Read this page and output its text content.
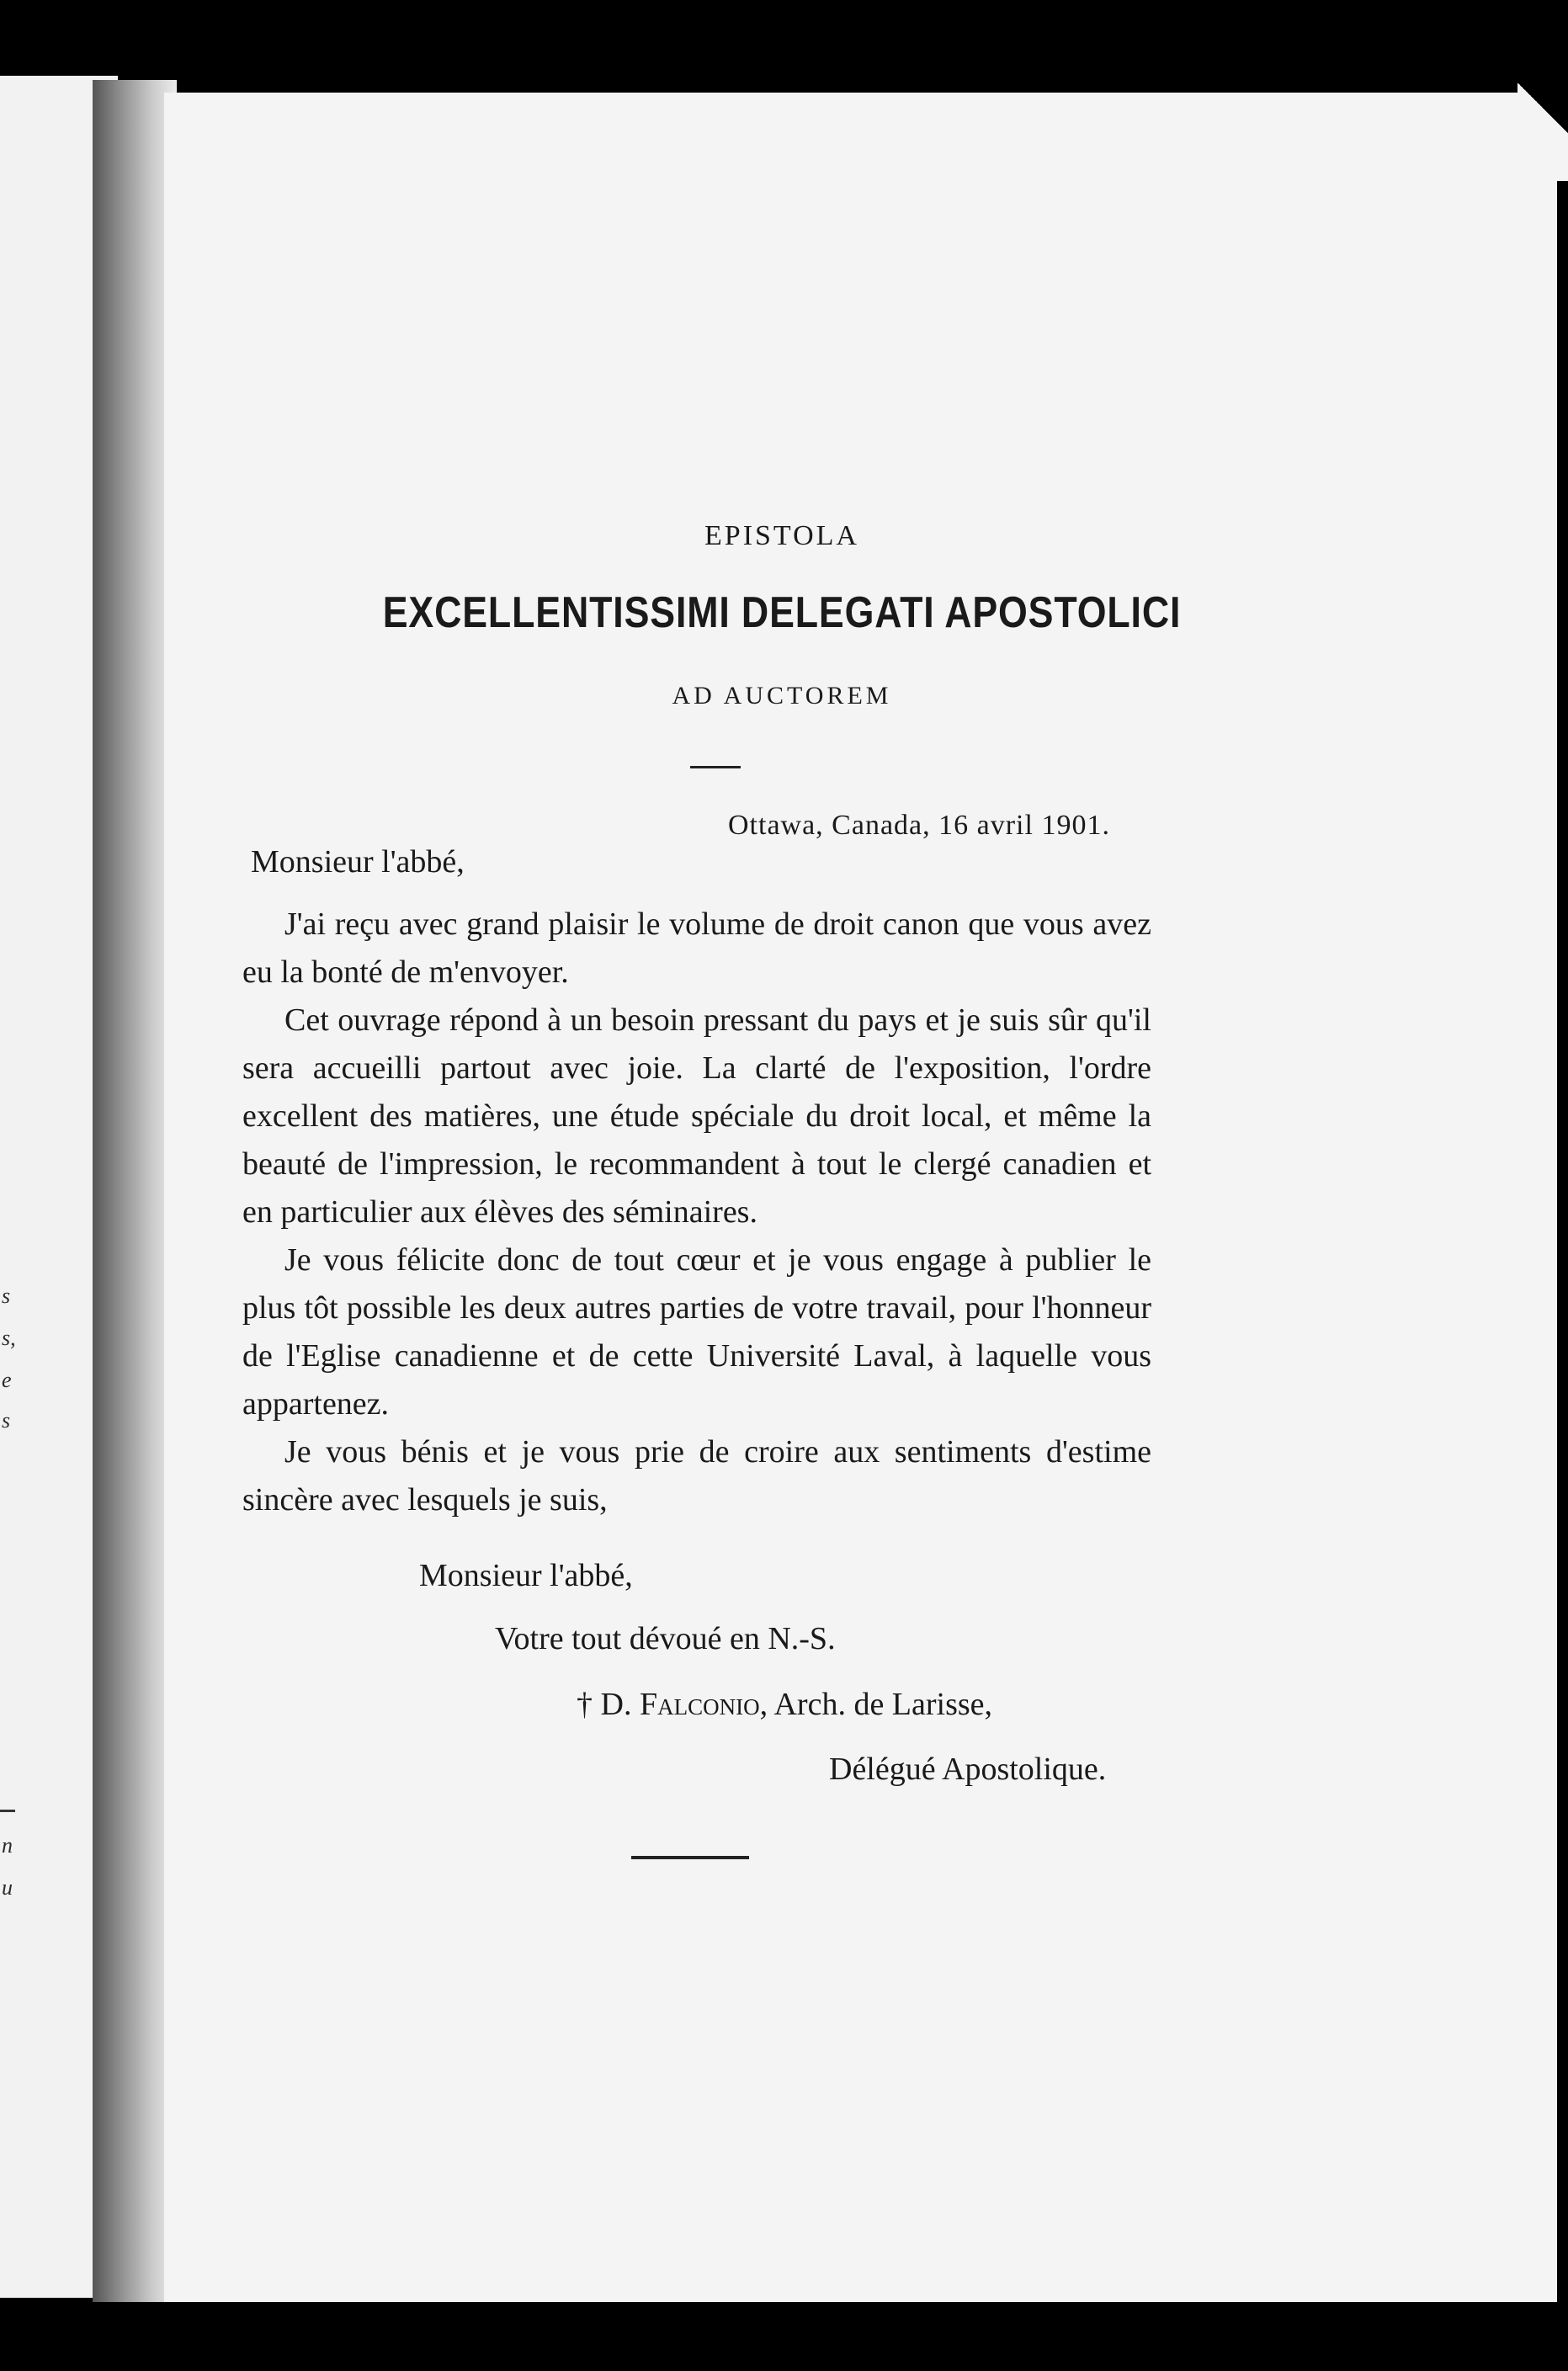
s
s,
e
s
n
u
EPISTOLA
EXCELLENTISSIMI DELEGATI APOSTOLICI
AD AUCTOREM
Ottawa, Canada, 16 avril 1901.
Monsieur l'abbé,

J'ai reçu avec grand plaisir le volume de droit canon que vous avez eu la bonté de m'envoyer.

Cet ouvrage répond à un besoin pressant du pays et je suis sûr qu'il sera accueilli partout avec joie. La clarté de l'exposition, l'ordre excellent des matières, une étude spéciale du droit local, et même la beauté de l'impression, le recommandent à tout le clergé canadien et en particulier aux élèves des séminaires.

Je vous félicite donc de tout cœur et je vous engage à publier le plus tôt possible les deux autres parties de votre travail, pour l'honneur de l'Eglise canadienne et de cette Université Laval, à laquelle vous appartenez.

Je vous bénis et je vous prie de croire aux sentiments d'estime sincère avec lesquels je suis,

Monsieur l'abbé,
Votre tout dévoué en N.-S.
† D. Falconio, Arch. de Larisse,
Délégué Apostolique.
